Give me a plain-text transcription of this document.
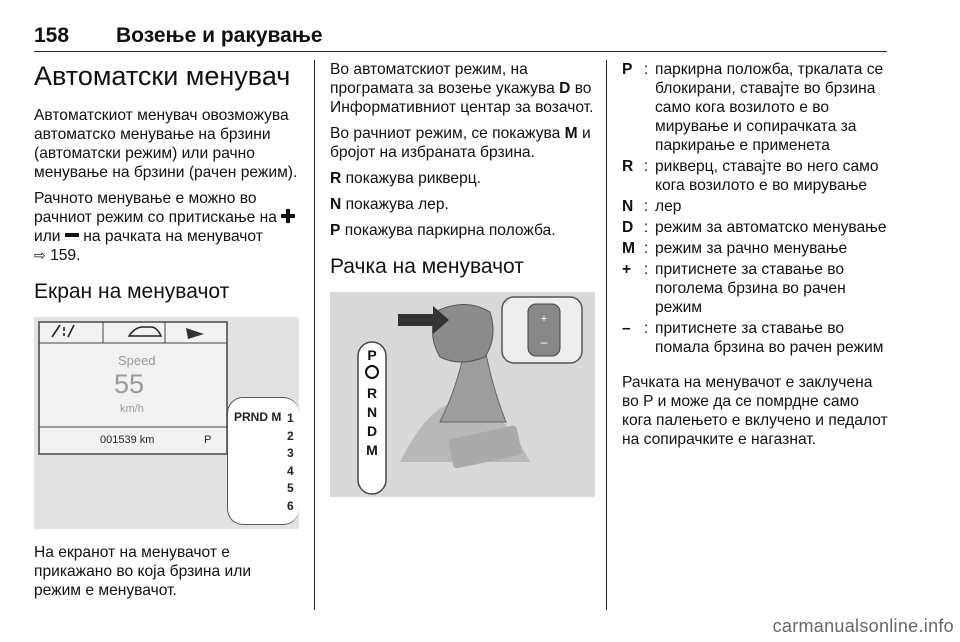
158 Возење и ракување
Автоматски менувач

Автоматскиот менувач овозможува автоматско менување на брзини (автоматски режим) или рачно менување на брзини (рачен режим).

Рачното менување е можно во рачниот режим со притискање на  или на рачката на менувачот
⇨ 159.

Екран на менувачот
Speed
55
km/h
001539 km	P
PRND M 1
2
3
4
5
6

На екранот на менувачот е прикажано во која брзина или режим е менувачот.

Во автоматскиот режим, на програмата за возење укажува D во Информативниот центар за возачот.

Во рачниот режим, се покажува M и бројот на избраната брзина.

R покажува рикверц.

N покажува лер.

P покажува паркирна положба.

Рачка на менувачот
+
–
P
R
N
D
M
P : паркирна положба, тркалата се блокирани, ставајте во брзина само кога возилото е во мирување и сопирачката за паркирање е применета
R : рикверц, ставајте во него само кога возилото е во мирување
N : лер
D : режим за автоматско менување
M : режим за рачно менување
+ : притиснете за ставање во поголема брзина во рачен режим
– : притиснете за ставање во помала брзина во рачен режим

Рачката на менувачот е заклучена во P и може да се помрдне само кога палењето е вклучено и педалот на сопирачките е нагазнат.

carmanualsonline.info
